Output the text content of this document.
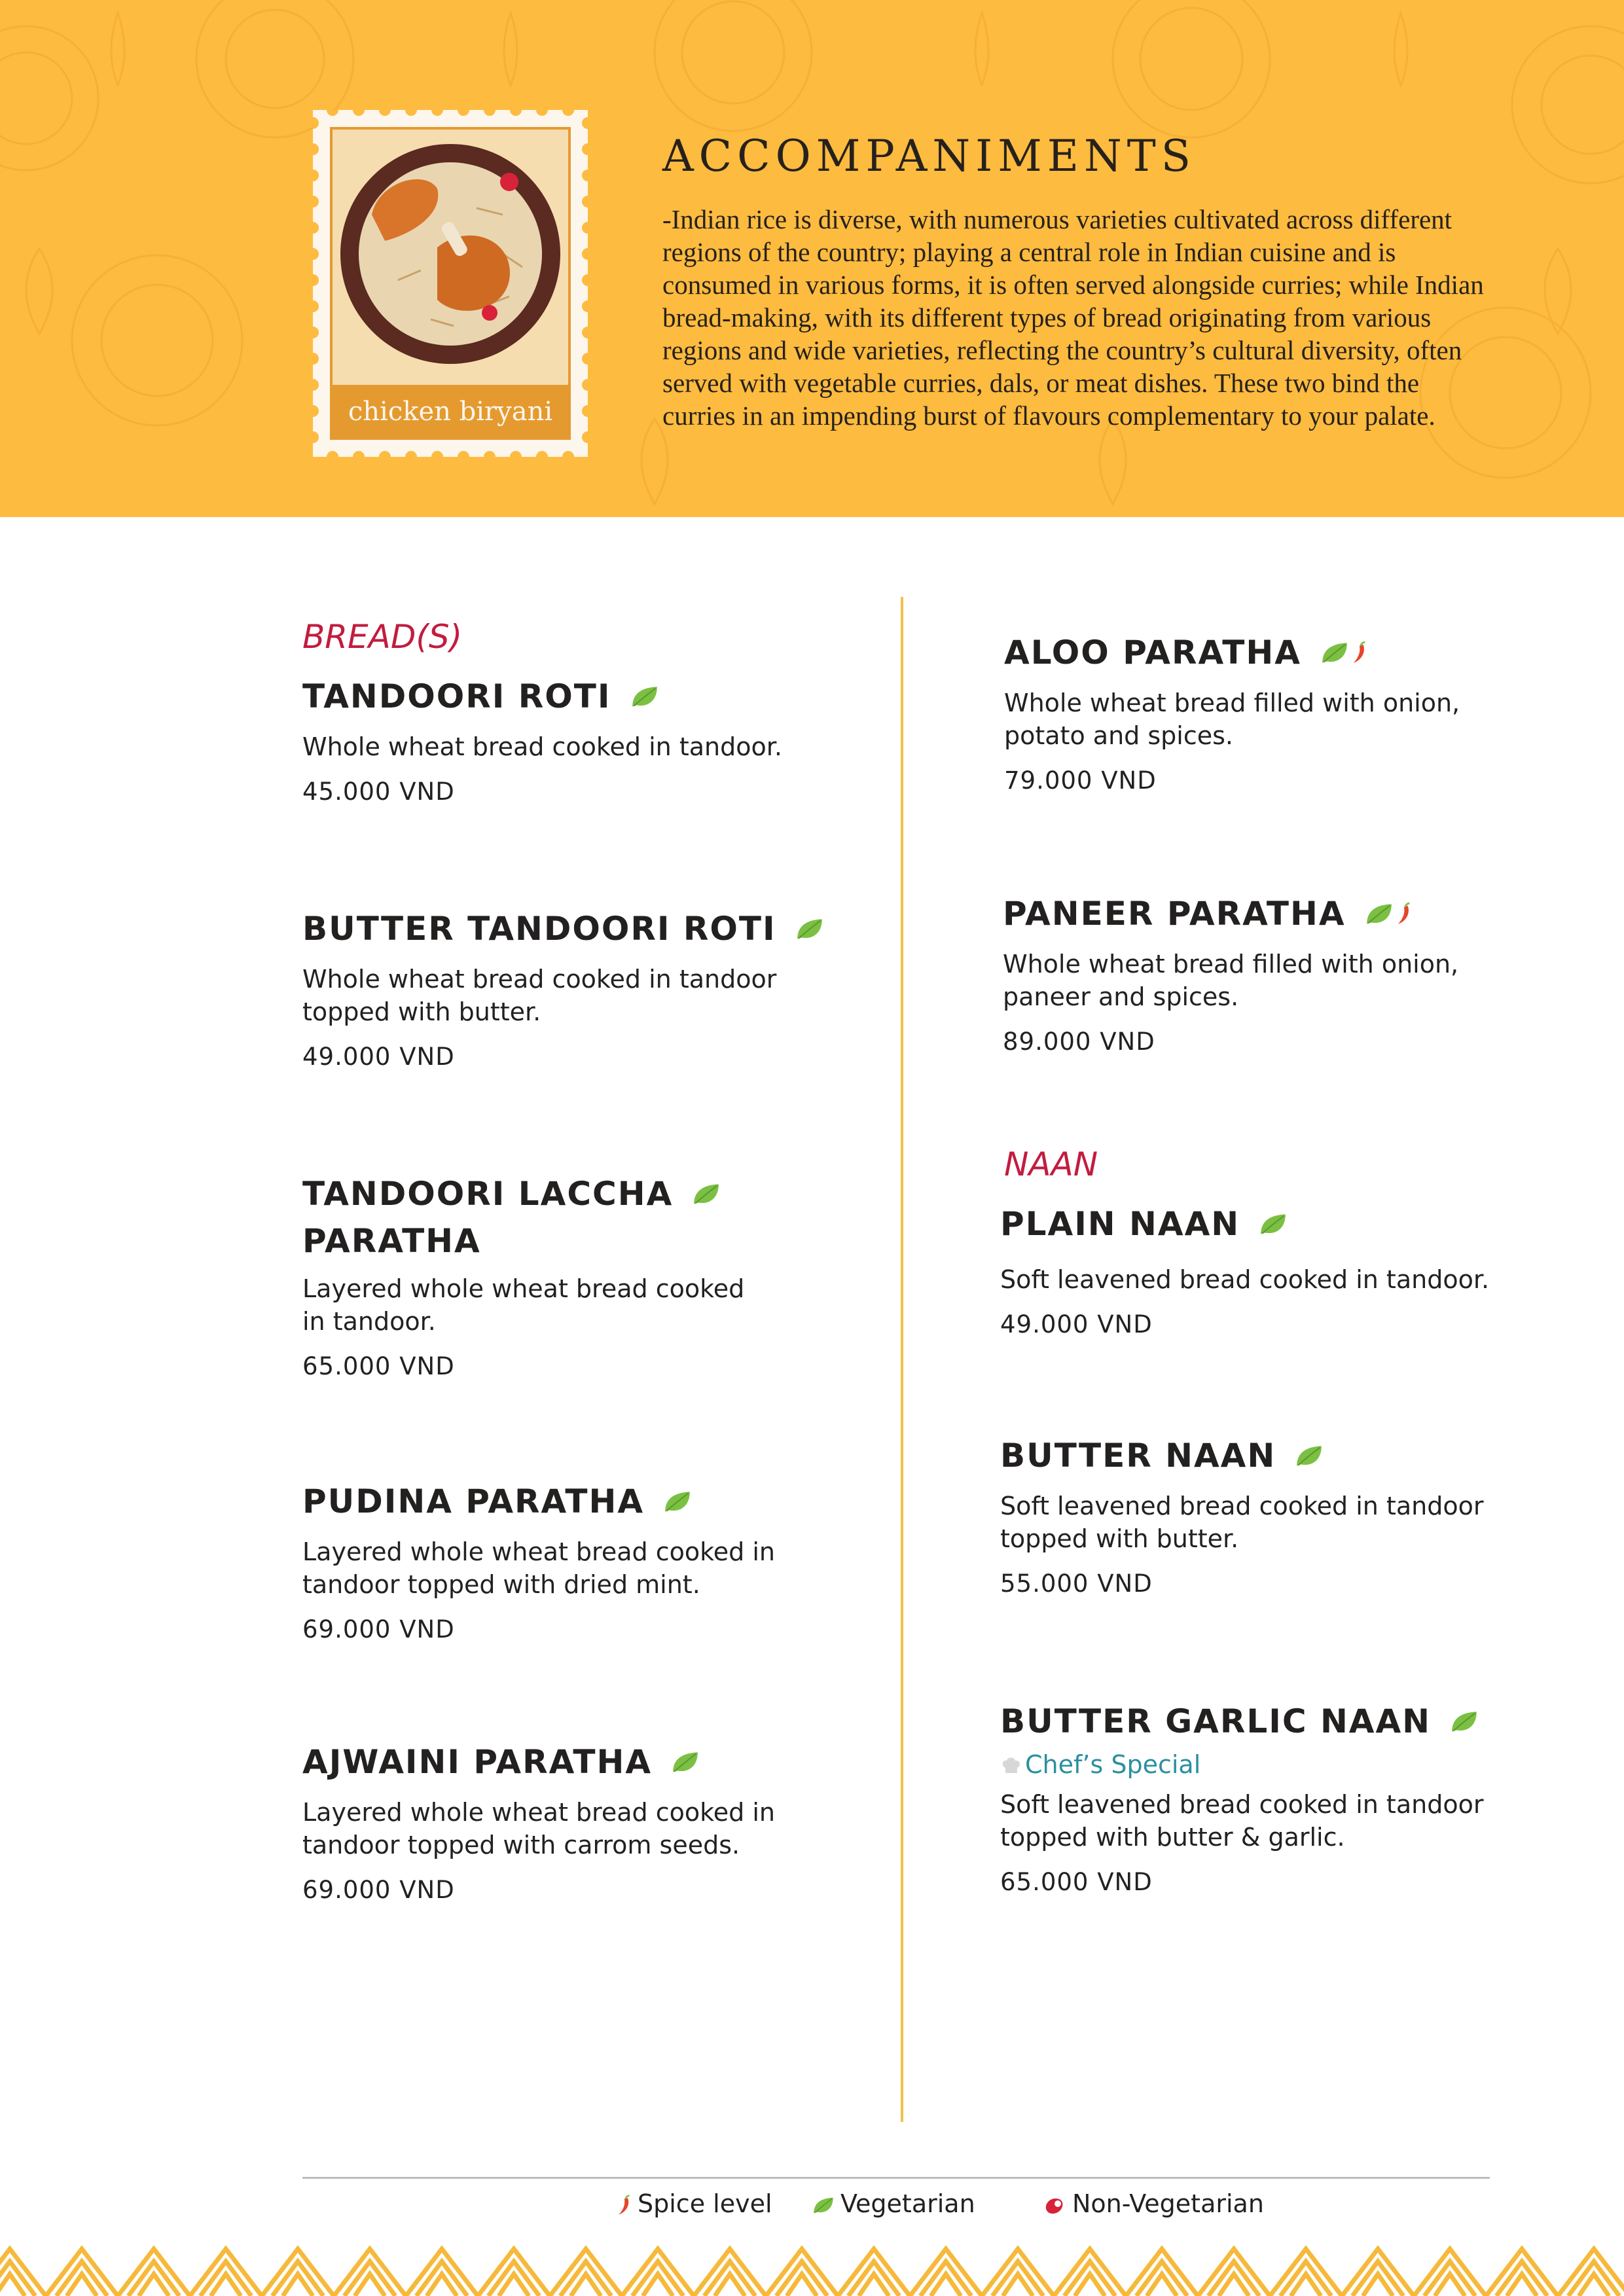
chicken biryani
ACCOMPANIMENTS
-Indian rice is diverse, with numerous varieties cultivated across different regions of the country; playing a central role in Indian cuisine and is consumed in various forms, it is often served alongside curries; while Indian bread-making, with its different types of bread originating from various regions and wide varieties, reflecting the country’s cultural diversity, often served with vegetable curries, dals, or meat dishes. These two bind the curries in an impending burst of flavours complementary to your palate.
BREAD(S)
TANDOORI ROTI
Whole wheat bread cooked in tandoor.
45.000 VND
BUTTER TANDOORI ROTI
Whole wheat bread cooked in tandoor topped with butter.
49.000 VND
TANDOORI LACCHA
PARATHA
Layered whole wheat bread cooked in tandoor.
65.000 VND
PUDINA PARATHA
Layered whole wheat bread cooked in tandoor topped with dried mint.
69.000 VND
AJWAINI PARATHA
Layered whole wheat bread cooked in tandoor topped with carrom seeds.
69.000 VND
ALOO PARATHA
Whole wheat bread filled with onion, potato and spices.
79.000 VND
PANEER PARATHA
Whole wheat bread filled with onion, paneer and spices.
89.000 VND
NAAN
PLAIN NAAN
Soft leavened bread cooked in tandoor.
49.000 VND
BUTTER NAAN
Soft leavened bread cooked in tandoor topped with butter.
55.000 VND
BUTTER GARLIC NAAN
Chef’s Special
Soft leavened bread cooked in tandoor topped with butter & garlic.
65.000 VND
Spice level	Vegetarian	Non-Vegetarian
